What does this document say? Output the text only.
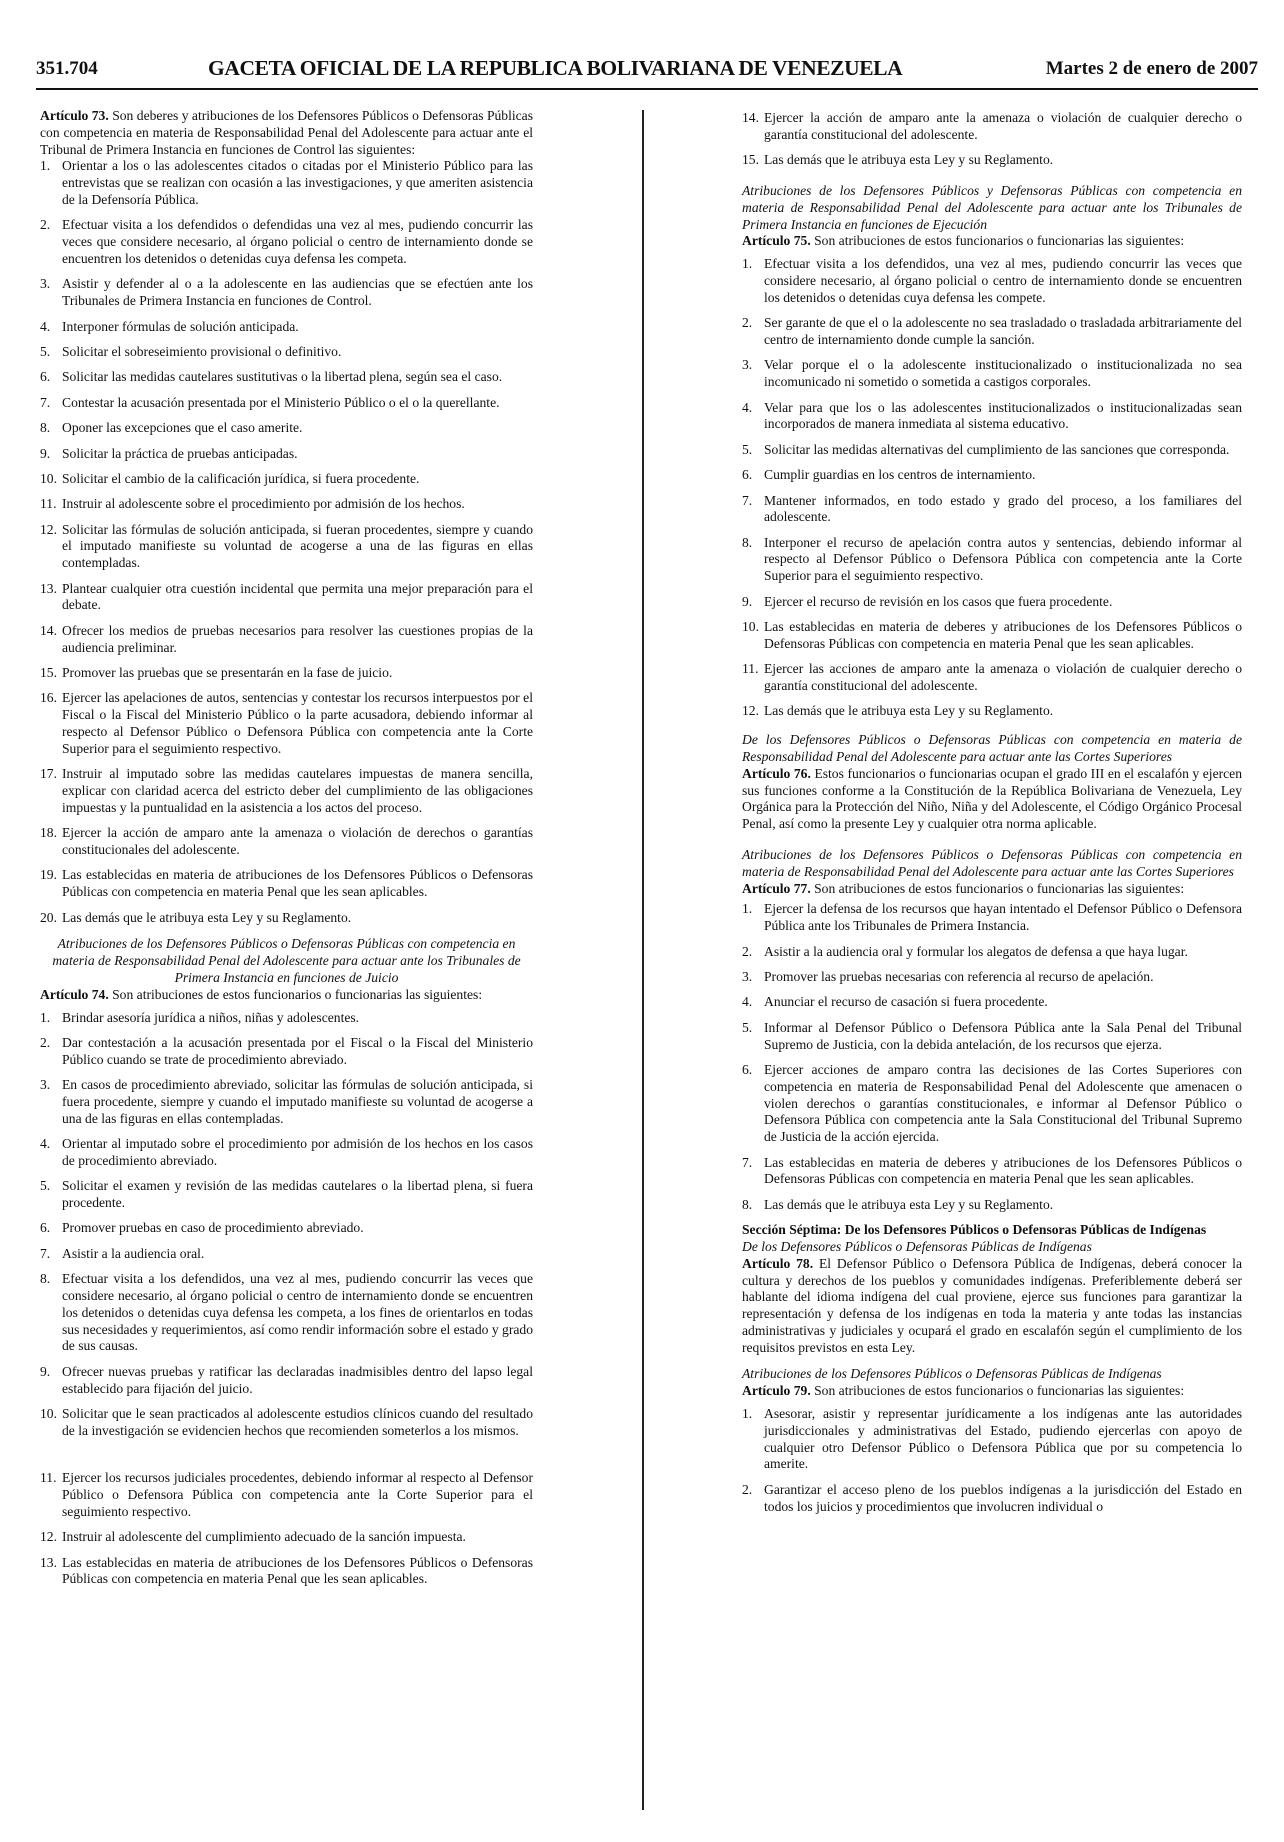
351.704	GACETA OFICIAL DE LA REPUBLICA BOLIVARIANA DE VENEZUELA	Martes 2 de enero de 2007

Artículo 73. Son deberes y atribuciones de los Defensores Públicos o Defensoras Públicas con competencia en materia de Responsabilidad Penal del Adolescente para actuar ante el Tribunal de Primera Instancia en funciones de Control las siguientes:

1. Orientar a los o las adolescentes citados o citadas por el Ministerio Público para las entrevistas que se realizan con ocasión a las investigaciones, y que ameriten asistencia de la Defensoría Pública.
2. Efectuar visita a los defendidos o defendidas una vez al mes, pudiendo concurrir las veces que considere necesario, al órgano policial o centro de internamiento donde se encuentren los detenidos o detenidas cuya defensa les competa.
3. Asistir y defender al o a la adolescente en las audiencias que se efectúen ante los Tribunales de Primera Instancia en funciones de Control.
4. Interponer fórmulas de solución anticipada.
5. Solicitar el sobreseimiento provisional o definitivo.
6. Solicitar las medidas cautelares sustitutivas o la libertad plena, según sea el caso.
7. Contestar la acusación presentada por el Ministerio Público o el o la querellante.
8. Oponer las excepciones que el caso amerite.
9. Solicitar la práctica de pruebas anticipadas.
10. Solicitar el cambio de la calificación jurídica, si fuera procedente.
11. Instruir al adolescente sobre el procedimiento por admisión de los hechos.
12. Solicitar las fórmulas de solución anticipada, si fueran procedentes, siempre y cuando el imputado manifieste su voluntad de acogerse a una de las figuras en ellas contempladas.
13. Plantear cualquier otra cuestión incidental que permita una mejor preparación para el debate.
14. Ofrecer los medios de pruebas necesarios para resolver las cuestiones propias de la audiencia preliminar.
15. Promover las pruebas que se presentarán en la fase de juicio.
16. Ejercer las apelaciones de autos, sentencias y contestar los recursos interpuestos por el Fiscal o la Fiscal del Ministerio Público o la parte acusadora, debiendo informar al respecto al Defensor Público o Defensora Pública con competencia ante la Corte Superior para el seguimiento respectivo.
17. Instruir al imputado sobre las medidas cautelares impuestas de manera sencilla, explicar con claridad acerca del estricto deber del cumplimiento de las obligaciones impuestas y la puntualidad en la asistencia a los actos del proceso.
18. Ejercer la acción de amparo ante la amenaza o violación de derechos o garantías constitucionales del adolescente.
19. Las establecidas en materia de atribuciones de los Defensores Públicos o Defensoras Públicas con competencia en materia Penal que les sean aplicables.
20. Las demás que le atribuya esta Ley y su Reglamento.

Atribuciones de los Defensores Públicos o Defensoras Públicas con competencia en materia de Responsabilidad Penal del Adolescente para actuar ante los Tribunales de Primera Instancia en funciones de Juicio

Artículo 74. Son atribuciones de estos funcionarios o funcionarias las siguientes:

1. Brindar asesoría jurídica a niños, niñas y adolescentes.
2. Dar contestación a la acusación presentada por el Fiscal o la Fiscal del Ministerio Público cuando se trate de procedimiento abreviado.
3. En casos de procedimiento abreviado, solicitar las fórmulas de solución anticipada, si fuera procedente, siempre y cuando el imputado manifieste su voluntad de acogerse a una de las figuras en ellas contempladas.
4. Orientar al imputado sobre el procedimiento por admisión de los hechos en los casos de procedimiento abreviado.
5. Solicitar el examen y revisión de las medidas cautelares o la libertad plena, si fuera procedente.
6. Promover pruebas en caso de procedimiento abreviado.
7. Asistir a la audiencia oral.
8. Efectuar visita a los defendidos, una vez al mes, pudiendo concurrir las veces que considere necesario, al órgano policial o centro de internamiento donde se encuentren los detenidos o detenidas cuya defensa les competa, a los fines de orientarlos en todas sus necesidades y requerimientos, así como rendir información sobre el estado y grado de sus causas.
9. Ofrecer nuevas pruebas y ratificar las declaradas inadmisibles dentro del lapso legal establecido para fijación del juicio.
10. Solicitar que le sean practicados al adolescente estudios clínicos cuando del resultado de la investigación se evidencien hechos que recomienden someterlos a los mismos.
11. Ejercer los recursos judiciales procedentes, debiendo informar al respecto al Defensor Público o Defensora Pública con competencia ante la Corte Superior para el seguimiento respectivo.
12. Instruir al adolescente del cumplimiento adecuado de la sanción impuesta.
13. Las establecidas en materia de atribuciones de los Defensores Públicos o Defensoras Públicas con competencia en materia Penal que les sean aplicables.
14. Ejercer la acción de amparo ante la amenaza o violación de cualquier derecho o garantía constitucional del adolescente.
15. Las demás que le atribuya esta Ley y su Reglamento.

Atribuciones de los Defensores Públicos y Defensoras Públicas con competencia en materia de Responsabilidad Penal del Adolescente para actuar ante los Tribunales de Primera Instancia en funciones de Ejecución

Artículo 75. Son atribuciones de estos funcionarios o funcionarias las siguientes:

1. Efectuar visita a los defendidos, una vez al mes, pudiendo concurrir las veces que considere necesario, al órgano policial o centro de internamiento donde se encuentren los detenidos o detenidas cuya defensa les compete.
2. Ser garante de que el o la adolescente no sea trasladado o trasladada arbitrariamente del centro de internamiento donde cumple la sanción.
3. Velar porque el o la adolescente institucionalizado o institucionalizada no sea incomunicado ni sometido o sometida a castigos corporales.
4. Velar para que los o las adolescentes institucionalizados o institucionalizadas sean incorporados de manera inmediata al sistema educativo.
5. Solicitar las medidas alternativas del cumplimiento de las sanciones que corresponda.
6. Cumplir guardias en los centros de internamiento.
7. Mantener informados, en todo estado y grado del proceso, a los familiares del adolescente.
8. Interponer el recurso de apelación contra autos y sentencias, debiendo informar al respecto al Defensor Público o Defensora Pública con competencia ante la Corte Superior para el seguimiento respectivo.
9. Ejercer el recurso de revisión en los casos que fuera procedente.
10. Las establecidas en materia de deberes y atribuciones de los Defensores Públicos o Defensoras Públicas con competencia en materia Penal que les sean aplicables.
11. Ejercer las acciones de amparo ante la amenaza o violación de cualquier derecho o garantía constitucional del adolescente.
12. Las demás que le atribuya esta Ley y su Reglamento.

De los Defensores Públicos o Defensoras Públicas con competencia en materia de Responsabilidad Penal del Adolescente para actuar ante las Cortes Superiores

Artículo 76. Estos funcionarios o funcionarias ocupan el grado III en el escalafón y ejercen sus funciones conforme a la Constitución de la República Bolivariana de Venezuela, Ley Orgánica para la Protección del Niño, Niña y del Adolescente, el Código Orgánico Procesal Penal, así como la presente Ley y cualquier otra norma aplicable.

Atribuciones de los Defensores Públicos o Defensoras Públicas con competencia en materia de Responsabilidad Penal del Adolescente para actuar ante las Cortes Superiores

Artículo 77. Son atribuciones de estos funcionarios o funcionarias las siguientes:

1. Ejercer la defensa de los recursos que hayan intentado el Defensor Público o Defensora Pública ante los Tribunales de Primera Instancia.
2. Asistir a la audiencia oral y formular los alegatos de defensa a que haya lugar.
3. Promover las pruebas necesarias con referencia al recurso de apelación.
4. Anunciar el recurso de casación si fuera procedente.
5. Informar al Defensor Público o Defensora Pública ante la Sala Penal del Tribunal Supremo de Justicia, con la debida antelación, de los recursos que ejerza.
6. Ejercer acciones de amparo contra las decisiones de las Cortes Superiores con competencia en materia de Responsabilidad Penal del Adolescente que amenacen o violen derechos o garantías constitucionales, e informar al Defensor Público o Defensora Pública con competencia ante la Sala Constitucional del Tribunal Supremo de Justicia de la acción ejercida.
7. Las establecidas en materia de deberes y atribuciones de los Defensores Públicos o Defensoras Públicas con competencia en materia Penal que les sean aplicables.
8. Las demás que le atribuya esta Ley y su Reglamento.

Sección Séptima: De los Defensores Públicos o Defensoras Públicas de Indígenas

De los Defensores Públicos o Defensoras Públicas de Indígenas

Artículo 78. El Defensor Público o Defensora Pública de Indígenas, deberá conocer la cultura y derechos de los pueblos y comunidades indígenas. Preferiblemente deberá ser hablante del idioma indígena del cual proviene, ejerce sus funciones para garantizar la representación y defensa de los indígenas en toda la materia y ante todas las instancias administrativas y judiciales y ocupará el grado en escalafón según el cumplimiento de los requisitos previstos en esta Ley.

Atribuciones de los Defensores Públicos o Defensoras Públicas de Indígenas

Artículo 79. Son atribuciones de estos funcionarios o funcionarias las siguientes:

1. Asesorar, asistir y representar jurídicamente a los indígenas ante las autoridades jurisdiccionales y administrativas del Estado, pudiendo ejercerlas con apoyo de cualquier otro Defensor Público o Defensora Pública que por su competencia lo amerite.
2. Garantizar el acceso pleno de los pueblos indígenas a la jurisdicción del Estado en todos los juicios y procedimientos que involucren individual o
